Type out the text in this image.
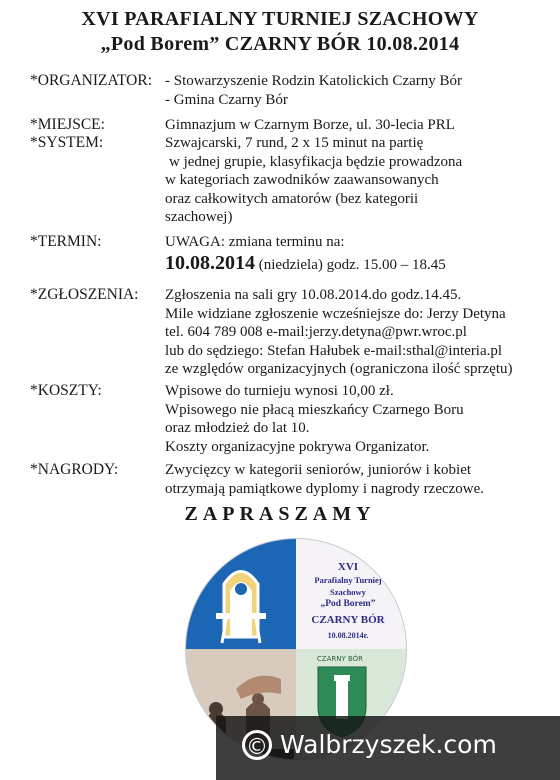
XVI PARAFIALNY TURNIEJ SZACHOWY
„Pod Borem” CZARNY BÓR 10.08.2014
*ORGANIZATOR: - Stowarzyszenie Rodzin Katolickich Czarny Bór
- Gmina Czarny Bór
*MIEJSCE:	Gimnazjum w Czarnym Borze, ul. 30-lecia PRL
*SYSTEM:	Szwajcarski, 7 rund, 2 x 15 minut na partię
w jednej grupie, klasyfikacja będzie prowadzona
w kategoriach zawodników zaawansowanych
oraz całkowitych amatorów (bez kategorii
szachowej)
*TERMIN:	UWAGA: zmiana terminu na:
10.08.2014 (niedziela) godz. 15.00 – 18.45
*ZGŁOSZENIA: Zgłoszenia na sali gry 10.08.2014.do godz.14.45.
Mile widziane zgłoszenie wcześniejsze do: Jerzy Detyna
tel. 604 789 008 e-mail:jerzy.detyna@pwr.wroc.pl
lub do sędziego: Stefan Hałubek e-mail:sthal@interia.pl
ze względów organizacyjnych (ograniczona ilość sprzętu)
*KOSZTY:	Wpisowe do turnieju wynosi 10,00 zł.
Wpisowego nie płacą mieszkańcy Czarnego Boru
oraz młodzież do lat 10.
Koszty organizacyjne pokrywa Organizator.
*NAGRODY:	Zwycięzcy w kategorii seniorów, juniorów i kobiet
otrzymają pamiątkowe dyplomy i nagrody rzeczowe.
ZAPRASZAMY
CZARNY BÓR
XVI
Parafialny Turniej
Szachowy
„Pod Borem”
CZARNY BÓR
10.08.2014r.
© Walbrzyszek.com
